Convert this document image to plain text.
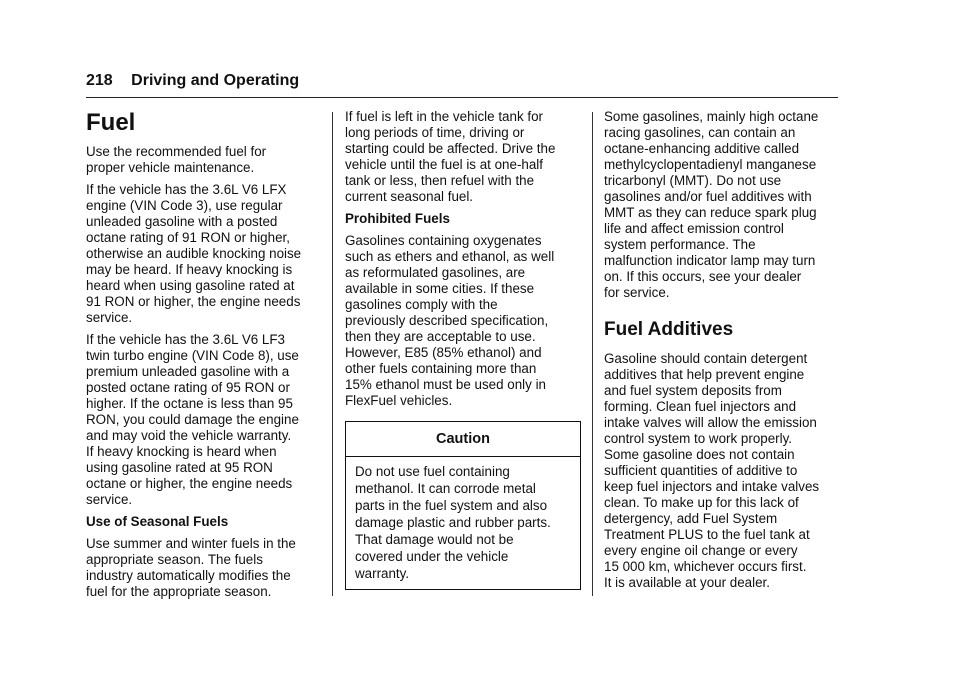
218 Driving and Operating
Fuel

Use the recommended fuel for
proper vehicle maintenance.

If the vehicle has the 3.6L V6 LFX
engine (VIN Code 3), use regular
unleaded gasoline with a posted
octane rating of 91 RON or higher,
otherwise an audible knocking noise
may be heard. If heavy knocking is
heard when using gasoline rated at
91 RON or higher, the engine needs
service.

If the vehicle has the 3.6L V6 LF3
twin turbo engine (VIN Code 8), use
premium unleaded gasoline with a
posted octane rating of 95 RON or
higher. If the octane is less than 95
RON, you could damage the engine
and may void the vehicle warranty.
If heavy knocking is heard when
using gasoline rated at 95 RON
octane or higher, the engine needs
service.

Use of Seasonal Fuels

Use summer and winter fuels in the
appropriate season. The fuels
industry automatically modifies the
fuel for the appropriate season.

If fuel is left in the vehicle tank for
long periods of time, driving or
starting could be affected. Drive the
vehicle until the fuel is at one-half
tank or less, then refuel with the
current seasonal fuel.

Prohibited Fuels

Gasolines containing oxygenates
such as ethers and ethanol, as well
as reformulated gasolines, are
available in some cities. If these
gasolines comply with the
previously described specification,
then they are acceptable to use.
However, E85 (85% ethanol) and
other fuels containing more than
15% ethanol must be used only in
FlexFuel vehicles.

Caution
Do not use fuel containing
methanol. It can corrode metal
parts in the fuel system and also
damage plastic and rubber parts.
That damage would not be
covered under the vehicle
warranty.

Some gasolines, mainly high octane
racing gasolines, can contain an
octane-enhancing additive called
methylcyclopentadienyl manganese
tricarbonyl (MMT). Do not use
gasolines and/or fuel additives with
MMT as they can reduce spark plug
life and affect emission control
system performance. The
malfunction indicator lamp may turn
on. If this occurs, see your dealer
for service.

Fuel Additives

Gasoline should contain detergent
additives that help prevent engine
and fuel system deposits from
forming. Clean fuel injectors and
intake valves will allow the emission
control system to work properly.
Some gasoline does not contain
sufficient quantities of additive to
keep fuel injectors and intake valves
clean. To make up for this lack of
detergency, add Fuel System
Treatment PLUS to the fuel tank at
every engine oil change or every
15 000 km, whichever occurs first.
It is available at your dealer.
